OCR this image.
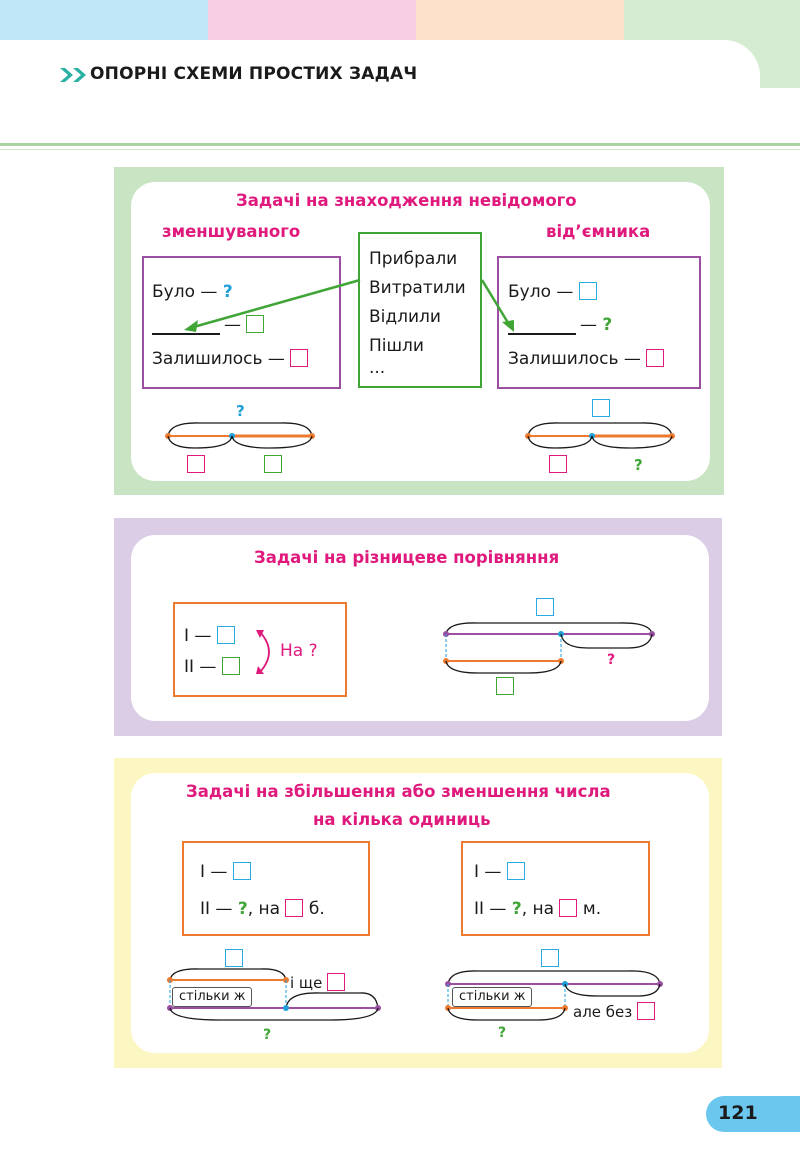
ОПОРНІ СХЕМИ ПРОСТИХ ЗАДАЧ
Задачі на знаходження невідомого
зменшуваного	від’ємника
Було — ?
—
Залишилось —
Прибрали
Витратили
Відлили
Пішли
...
Було —
— ?
Залишилось —
?
?
Задачі на різницеве порівняння
І —
ІІ —
На ?	?
Задачі на збільшення або зменшення числа
на кілька одиниць
І —
ІІ — ?, на б.
І —
ІІ — ?, на м.
стільки ж
і ще
?
стільки ж
але без
?
121
